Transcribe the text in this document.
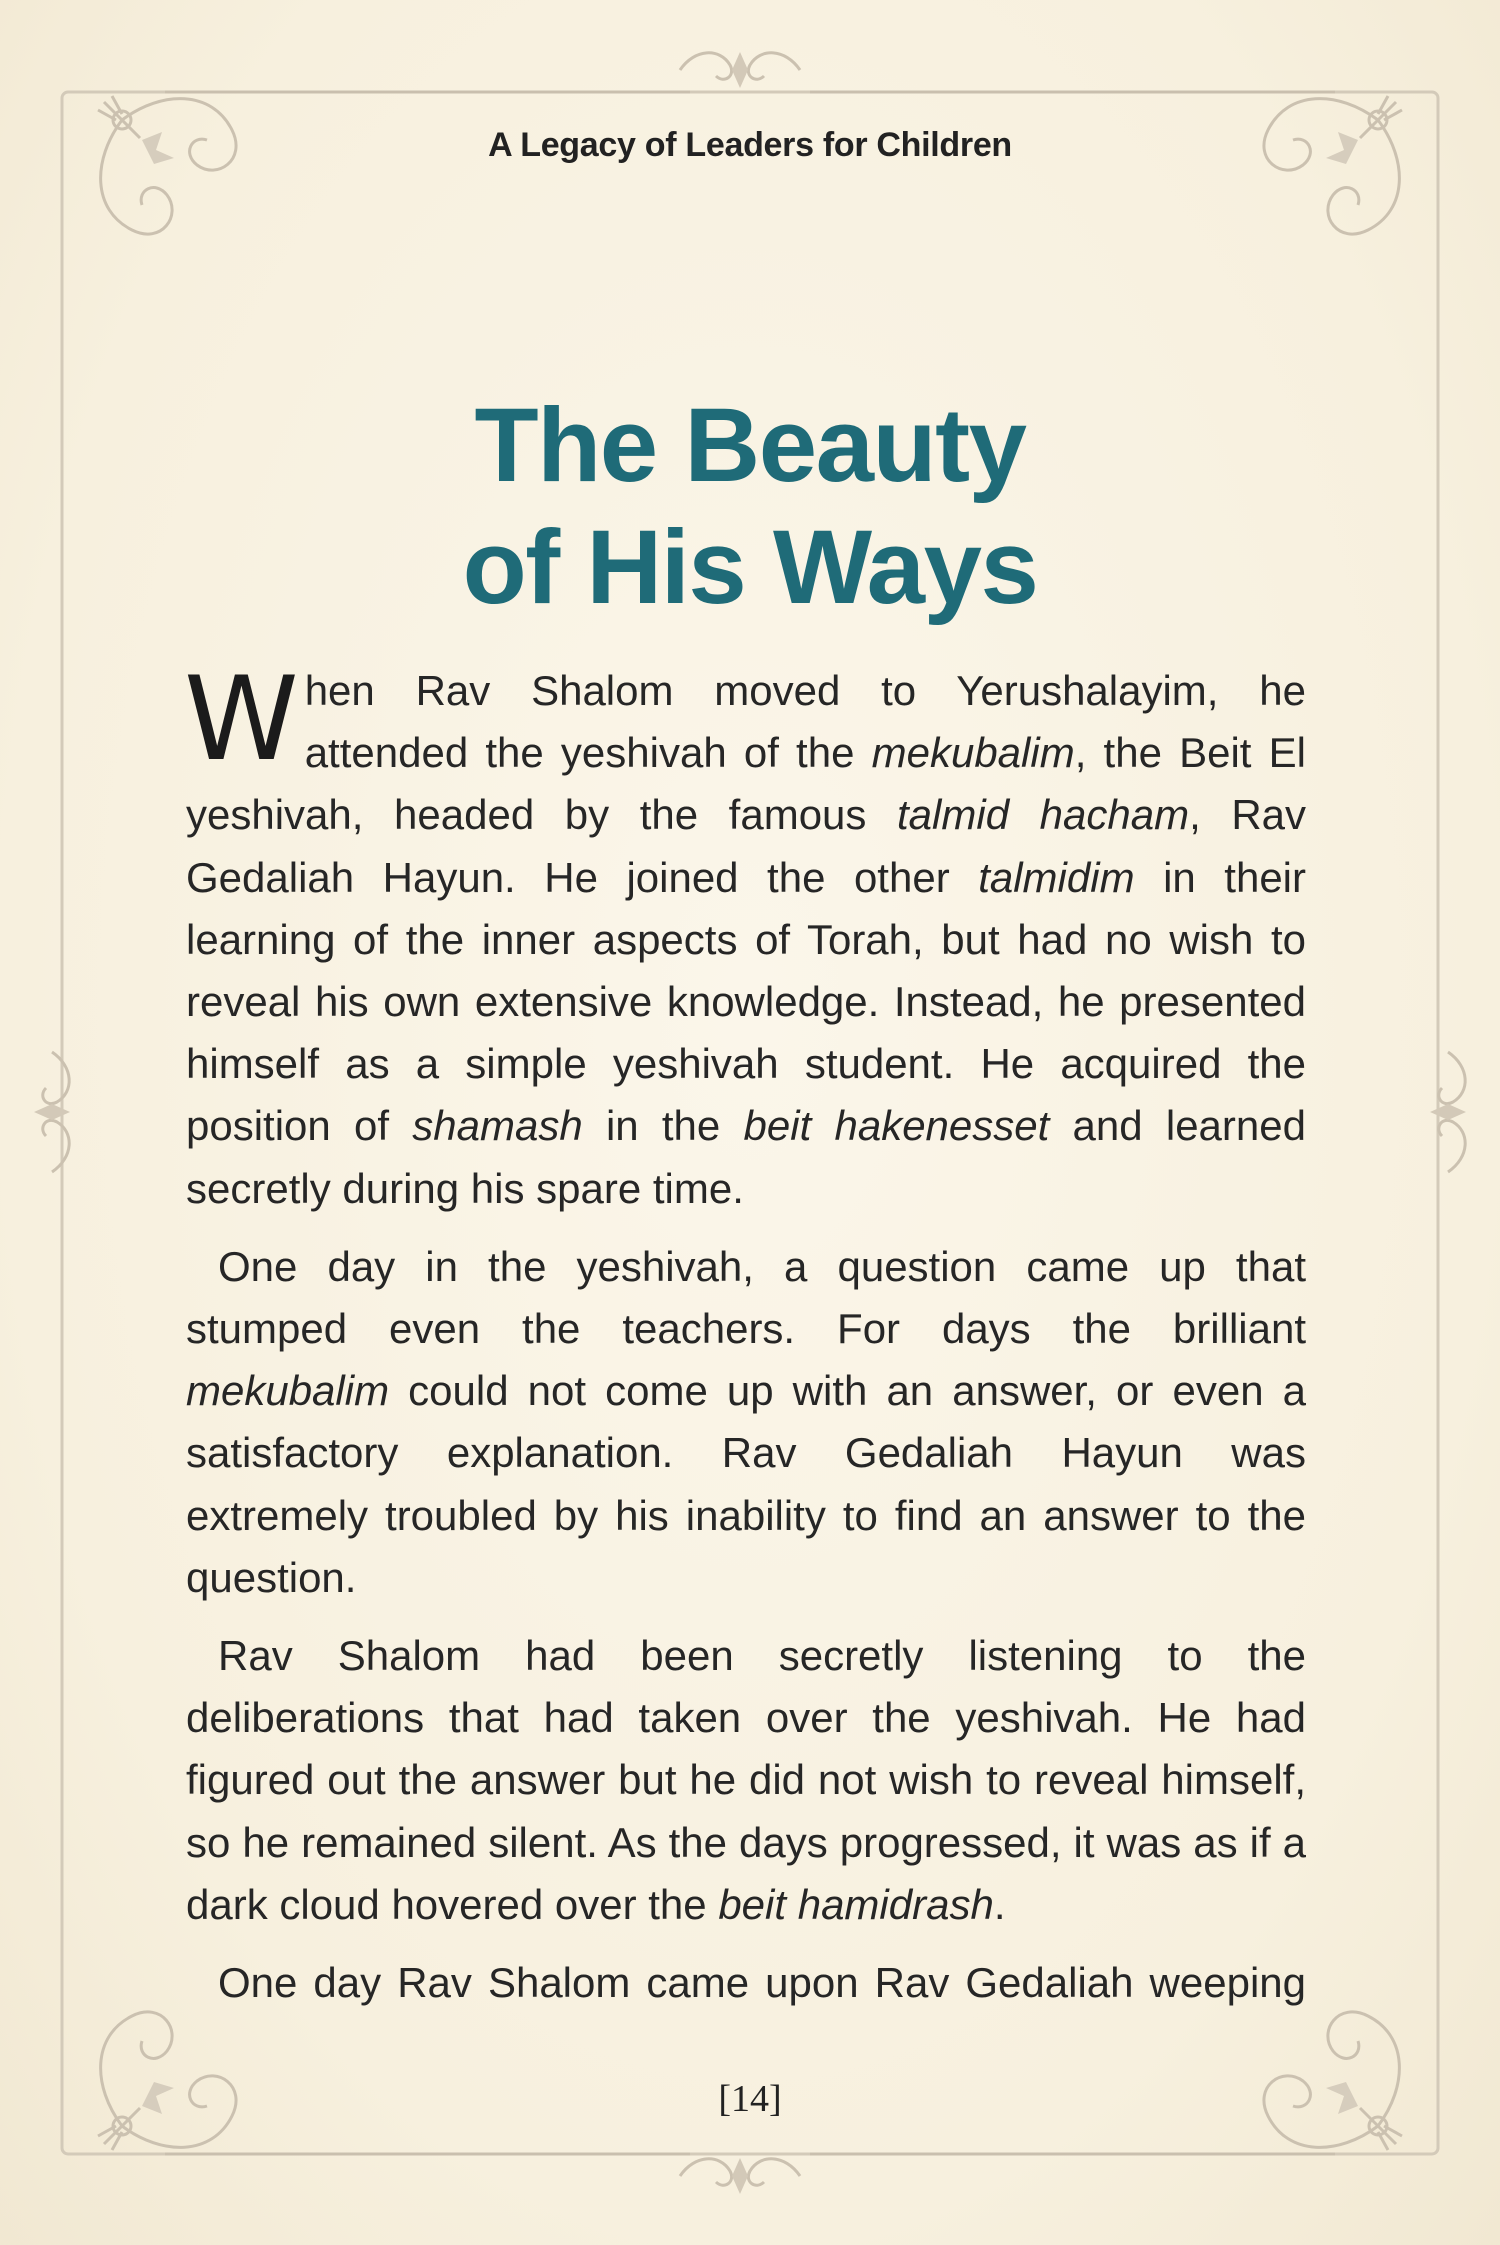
A Legacy of Leaders for Children
The Beauty
of His Ways

When Rav Shalom moved to Yerushalayim, he attended the yeshivah of the mekubalim, the Beit El yeshivah, headed by the famous talmid hacham, Rav Gedaliah Hayun. He joined the other talmidim in their learning of the inner aspects of Torah, but had no wish to reveal his own extensive knowledge. Instead, he presented himself as a simple yeshivah student. He acquired the position of shamash in the beit hakenesset and learned secretly during his spare time.

One day in the yeshivah, a question came up that stumped even the teachers. For days the brilliant mekubalim could not come up with an answer, or even a satisfactory explanation. Rav Gedaliah Hayun was extremely troubled by his inability to find an answer to the question.

Rav Shalom had been secretly listening to the deliberations that had taken over the yeshivah. He had figured out the answer but he did not wish to reveal himself, so he remained silent. As the days progressed, it was as if a dark cloud hovered over the beit hamidrash.

One day Rav Shalom came upon Rav Gedaliah weeping

[14]
